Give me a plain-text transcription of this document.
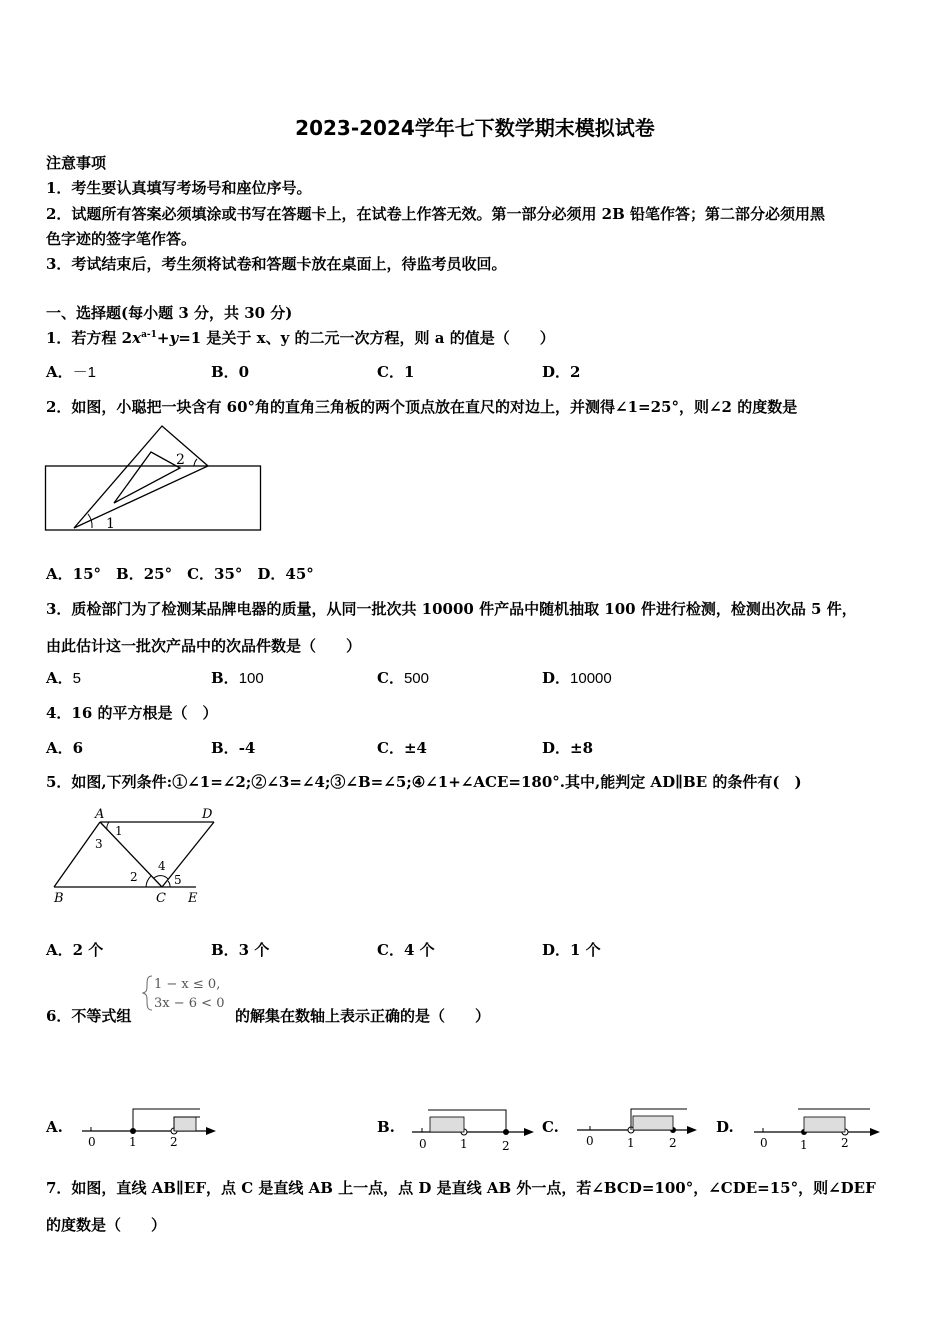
2023-2024学年七下数学期末模拟试卷
注意事项
1．考生要认真填写考场号和座位序号。
2．试题所有答案必须填涂或书写在答题卡上，在试卷上作答无效。第一部分必须用 2B 铅笔作答；第二部分必须用黑
色字迹的签字笔作答。
3．考试结束后，考生须将试卷和答题卡放在桌面上，待监考员收回。
一、选择题(每小题 3 分，共 30 分)
1．若方程 $2x^{a-1}+y=1$ 是关于 x、y 的二元一次方程，则 a 的值是（　　）
A．－1	B．0	C．1	D．2
2．如图，小聪把一块含有 60°角的直角三角板的两个顶点放在直尺的对边上，并测得∠1=25°，则∠2 的度数是
1
2
A．15°　B．25°　C．35°　D．45°
3．质检部门为了检测某品牌电器的质量，从同一批次共 10000 件产品中随机抽取 100 件进行检测，检测出次品 5 件，
由此估计这一批次产品中的次品件数是（　　）
A．5	B．100	C．500	D．10000
4．16 的平方根是（　）
A．6	B．-4	C．±4	D．±8
5．如图,下列条件:①∠1=∠2;②∠3=∠4;③∠B=∠5;④∠1+∠ACE=180°.其中,能判定 AD∥BE 的条件有(　)
A	D
B	C E
1
2
3
4
5
A．2 个	B．3 个	C．4 个	D．1 个
6．不等式组
1 − x ≤ 0,
3x − 6 < 0
的解集在数轴上表示正确的是（　　）
A.
0	1	2
B.
0	1	2
C.
0	1	2
D.
0	1	2
7．如图，直线 AB∥EF，点 C 是直线 AB 上一点，点 D 是直线 AB 外一点，若∠BCD=100°，∠CDE=15°，则∠DEF
的度数是（　　）
